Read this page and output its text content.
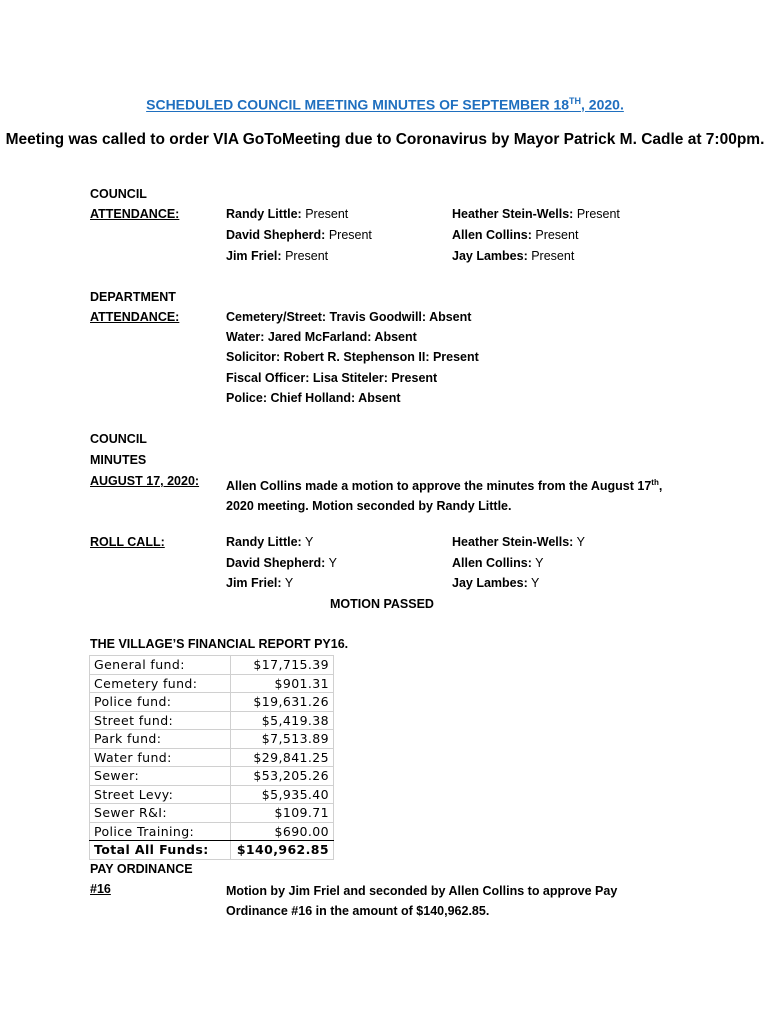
SCHEDULED COUNCIL MEETING MINUTES OF SEPTEMBER 18TH, 2020.
Meeting was called to order VIA GoToMeeting due to Coronavirus by Mayor Patrick M. Cadle at 7:00pm.
COUNCIL
ATTENDANCE:	Randy Little: Present
David Shepherd: Present
Jim Friel: Present
Heather Stein-Wells: Present
Allen Collins: Present
Jay Lambes: Present
DEPARTMENT
ATTENDANCE:	Cemetery/Street: Travis Goodwill: Absent
Water: Jared McFarland: Absent
Solicitor: Robert R. Stephenson II: Present
Fiscal Officer: Lisa Stiteler: Present
Police: Chief Holland: Absent
COUNCIL
MINUTES
AUGUST 17, 2020: Allen Collins made a motion to approve the minutes from the August 17th, 2020 meeting. Motion seconded by Randy Little.
ROLL CALL:	Randy Little: Y
David Shepherd: Y
Jim Friel: Y
Heather Stein-Wells: Y
Allen Collins: Y
Jay Lambes: Y
MOTION PASSED
THE VILLAGE’S FINANCIAL REPORT PY16.
General fund:	$17,715.39
Cemetery fund:	$901.31
Police fund:	$19,631.26
Street fund:	$5,419.38
Park fund:	$7,513.89
Water fund:	$29,841.25
Sewer:	$53,205.26
Street Levy:	$5,935.40
Sewer R&I:	$109.71
Police Training:	$690.00
Total All Funds:	$140,962.85
PAY ORDINANCE
#16	Motion by Jim Friel and seconded by Allen Collins to approve Pay Ordinance #16 in the amount of $140,962.85.
